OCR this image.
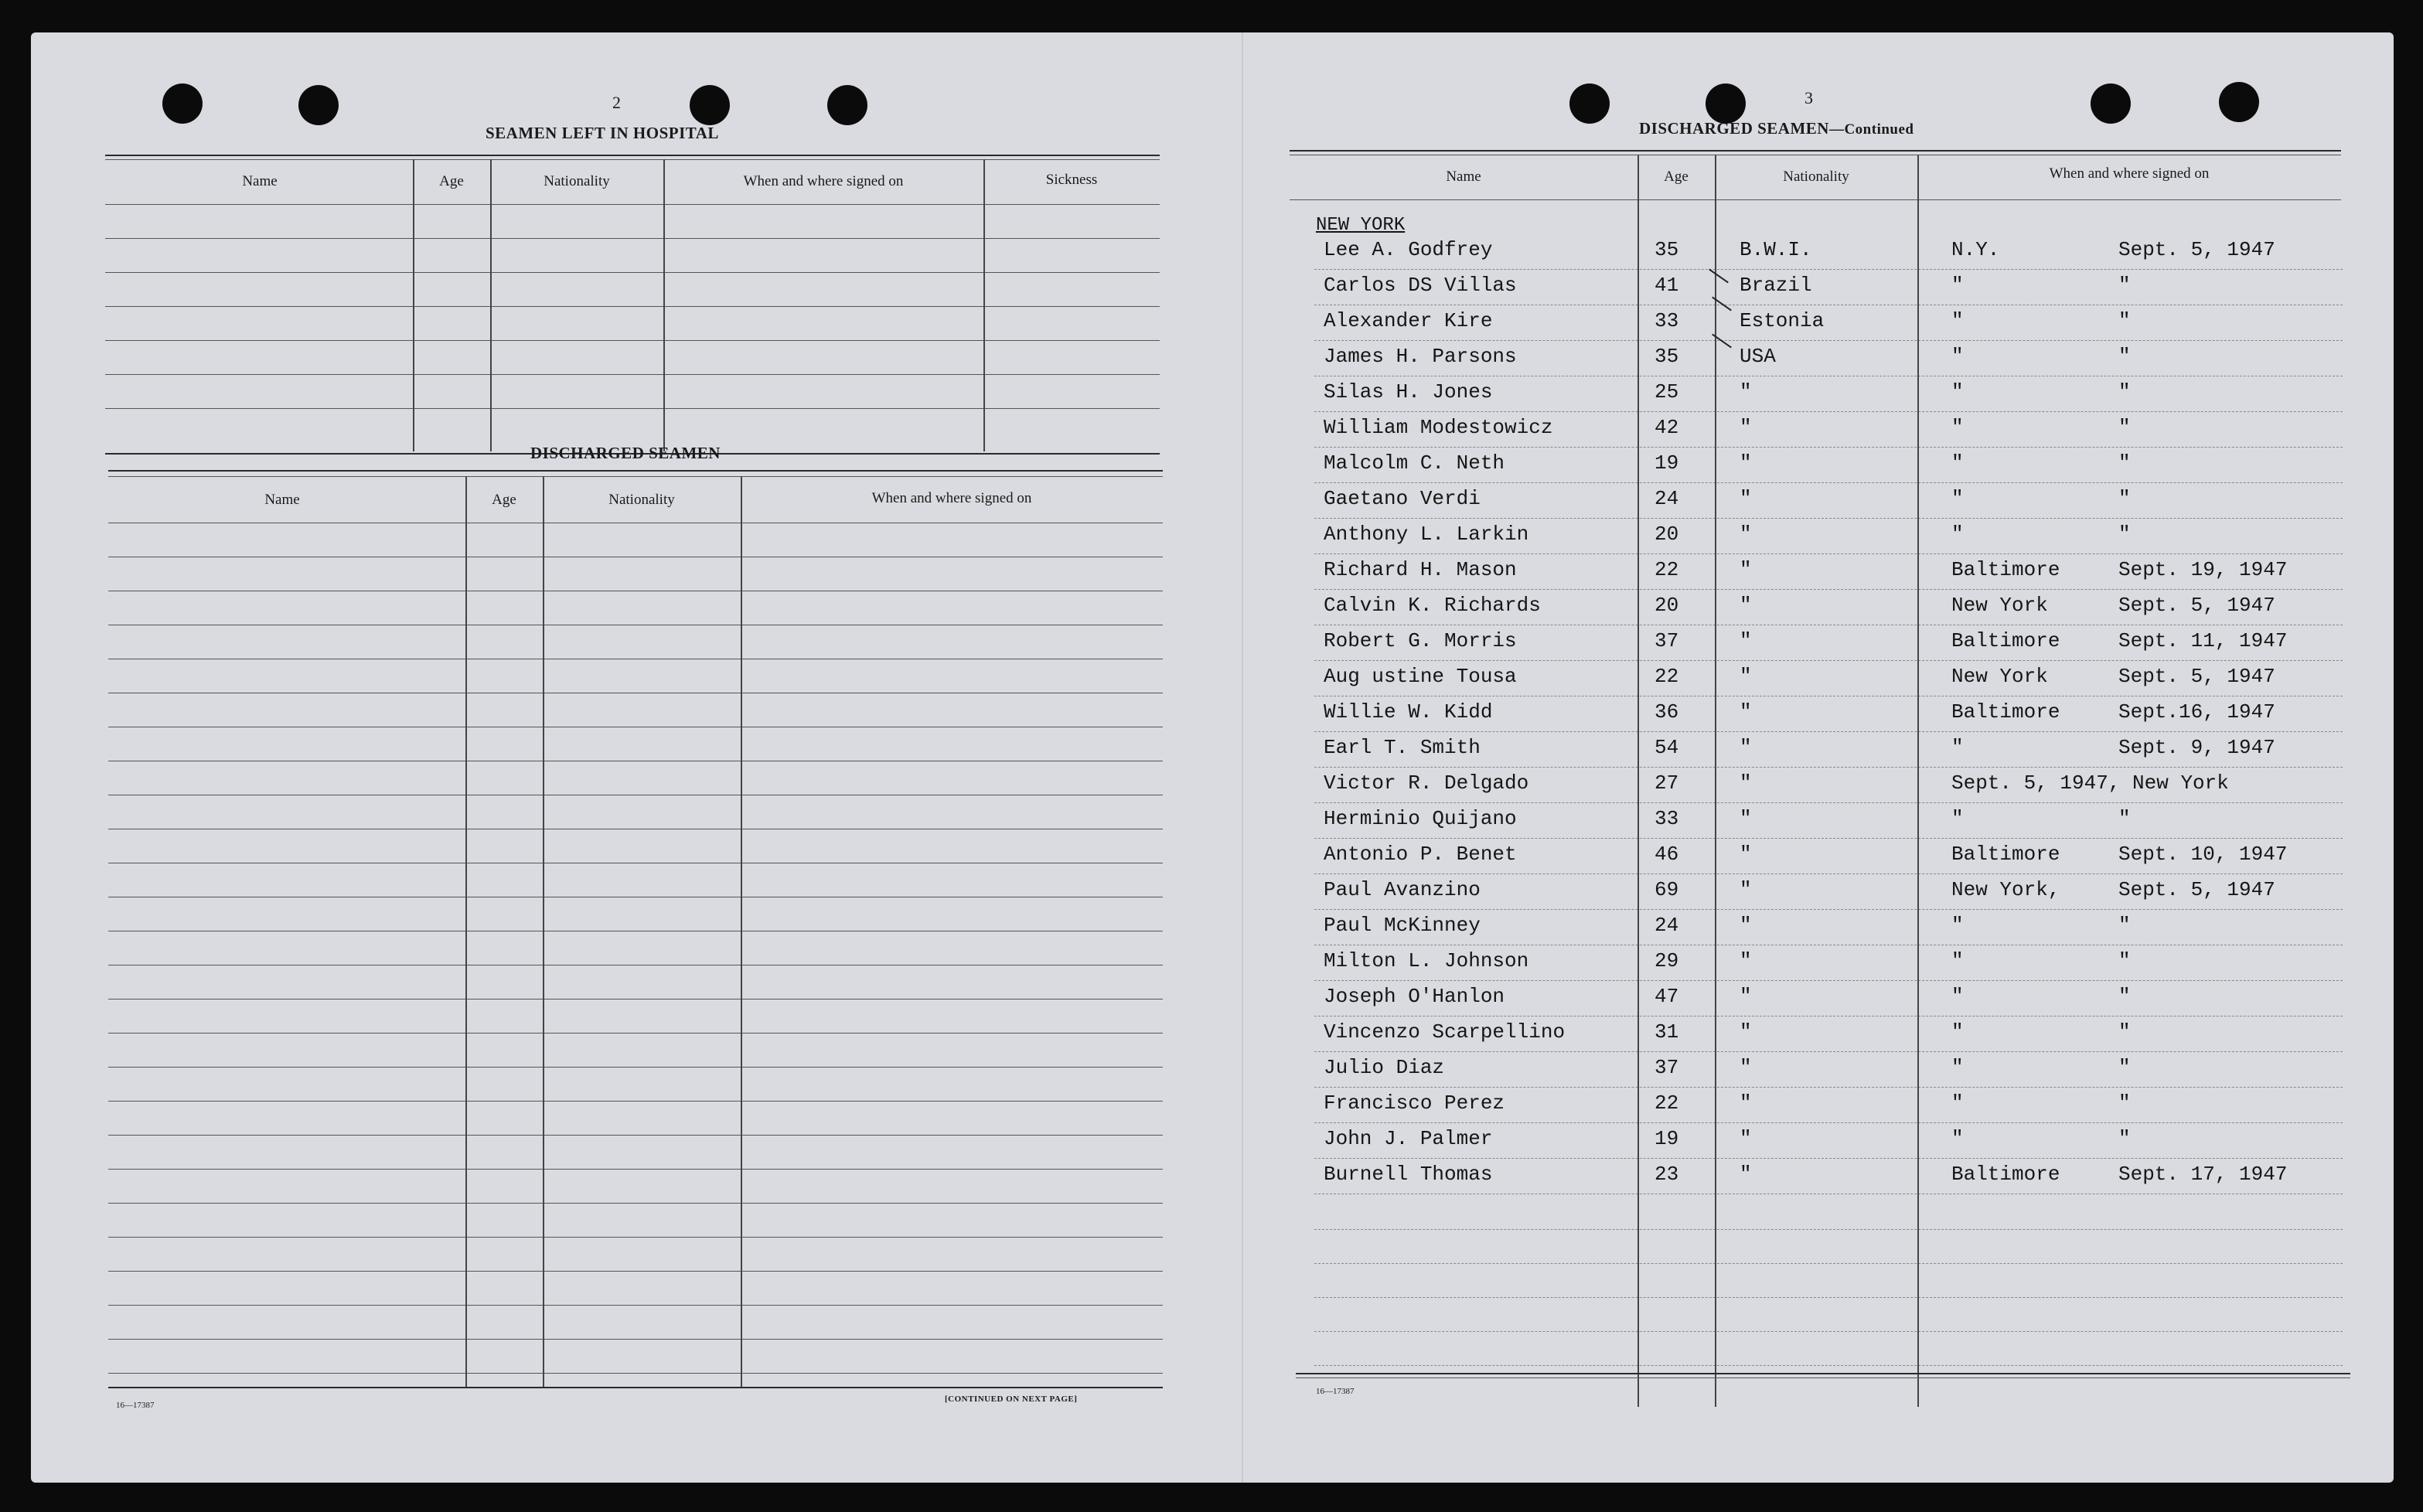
2
SEAMEN LEFT IN HOSPITAL
Name	Age	Nationality	When and where signed on	Sickness
DISCHARGED SEAMEN
Name	Age	Nationality	When and where signed on
16—17387
[CONTINUED ON NEXT PAGE]
3
DISCHARGED SEAMEN—Continued
Name	Age	Nationality	When and where signed on
NEW YORK
Lee A. Godfrey	35	B.W.I.	N.Y.	Sept. 5, 1947
Carlos DS Villas	41	Brazil	"	"
Alexander Kire	33	Estonia	"	"
James H. Parsons	35	USA	"	"
Silas H. Jones	25	"	"	"
William Modestowicz	42	"	"	"
Malcolm C. Neth	19	"	"	"
Gaetano Verdi	24	"	"	"
Anthony L. Larkin	20	"	"	"
Richard H. Mason	22	"	Baltimore	Sept. 19, 1947
Calvin K. Richards	20	"	New York	Sept. 5, 1947
Robert G. Morris	37	"	Baltimore	Sept. 11, 1947
Aug ustine Tousa	22	"	New York	Sept. 5, 1947
Willie W. Kidd	36	"	Baltimore	Sept.16, 1947
Earl T. Smith	54	"	"	Sept. 9, 1947
Victor R. Delgado	27	"	Sept. 5, 1947, New York
Herminio Quijano	33	"	"	"
Antonio P. Benet	46	"	Baltimore	Sept. 10, 1947
Paul Avanzino	69	"	New York,	Sept. 5, 1947
Paul McKinney	24	"	"	"
Milton L. Johnson	29	"	"	"
Joseph O'Hanlon	47	"	"	"
Vincenzo Scarpellino	31	"	"	"
Julio Diaz	37	"	"	"
Francisco Perez	22	"	"	"
John J. Palmer	19	"	"	"
Burnell Thomas	23	"	Baltimore	Sept. 17, 1947
16—17387
